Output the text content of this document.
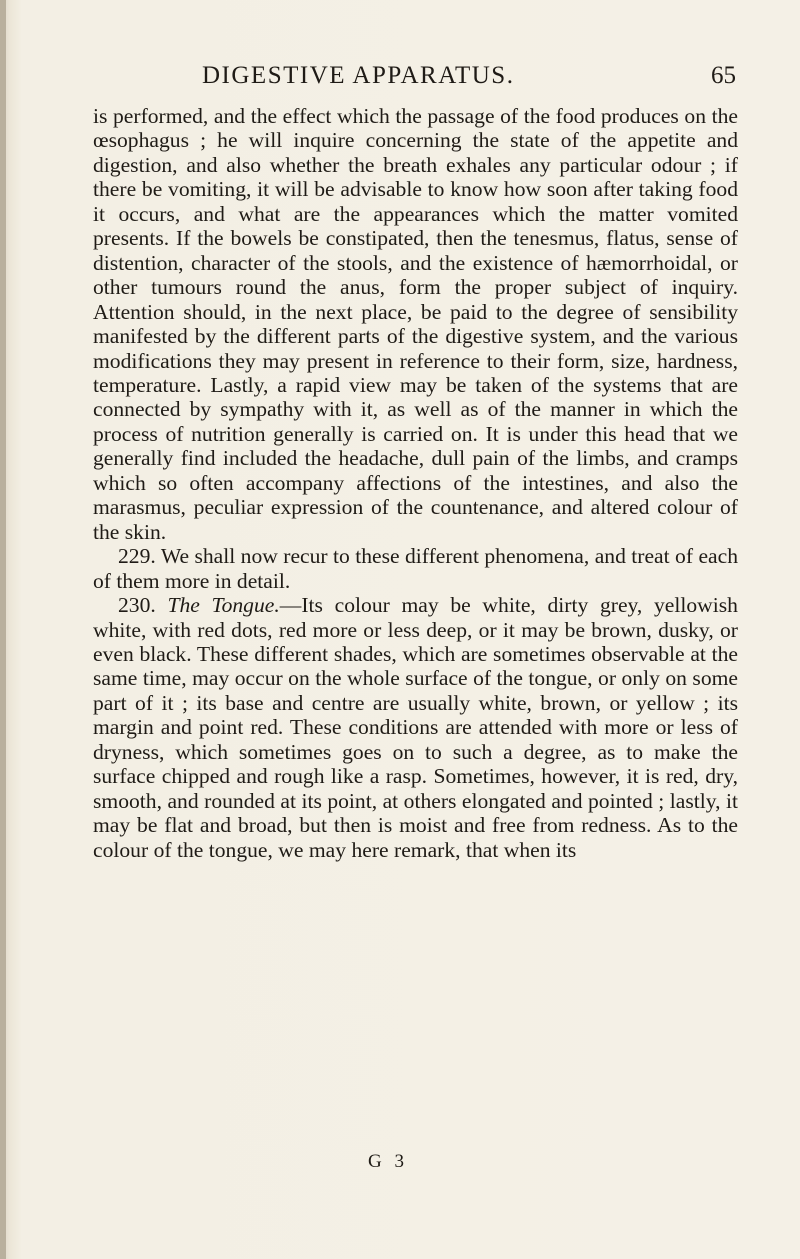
DIGESTIVE APPARATUS.	65

is performed, and the effect which the passage of the food produces on the œsophagus ; he will inquire concerning the state of the appetite and digestion, and also whether the breath exhales any particular odour ; if there be vomiting, it will be advisable to know how soon after taking food it occurs, and what are the appearances which the matter vomited presents. If the bowels be constipated, then the tenesmus, flatus, sense of distention, character of the stools, and the existence of hæmorrhoidal, or other tumours round the anus, form the proper subject of inquiry. Attention should, in the next place, be paid to the degree of sensibility manifested by the different parts of the digestive system, and the various modifications they may present in reference to their form, size, hardness, temperature. Lastly, a rapid view may be taken of the systems that are connected by sympathy with it, as well as of the manner in which the process of nutrition generally is carried on. It is under this head that we generally find included the headache, dull pain of the limbs, and cramps which so often accompany affections of the intestines, and also the marasmus, peculiar expression of the countenance, and altered colour of the skin.

229. We shall now recur to these different phenomena, and treat of each of them more in detail.

230. The Tongue.—Its colour may be white, dirty grey, yellowish white, with red dots, red more or less deep, or it may be brown, dusky, or even black. These different shades, which are sometimes observable at the same time, may occur on the whole surface of the tongue, or only on some part of it ; its base and centre are usually white, brown, or yellow ; its margin and point red. These conditions are attended with more or less of dryness, which sometimes goes on to such a degree, as to make the surface chipped and rough like a rasp. Sometimes, however, it is red, dry, smooth, and rounded at its point, at others elongated and pointed ; lastly, it may be flat and broad, but then is moist and free from redness. As to the colour of the tongue, we may here remark, that when its

G 3
